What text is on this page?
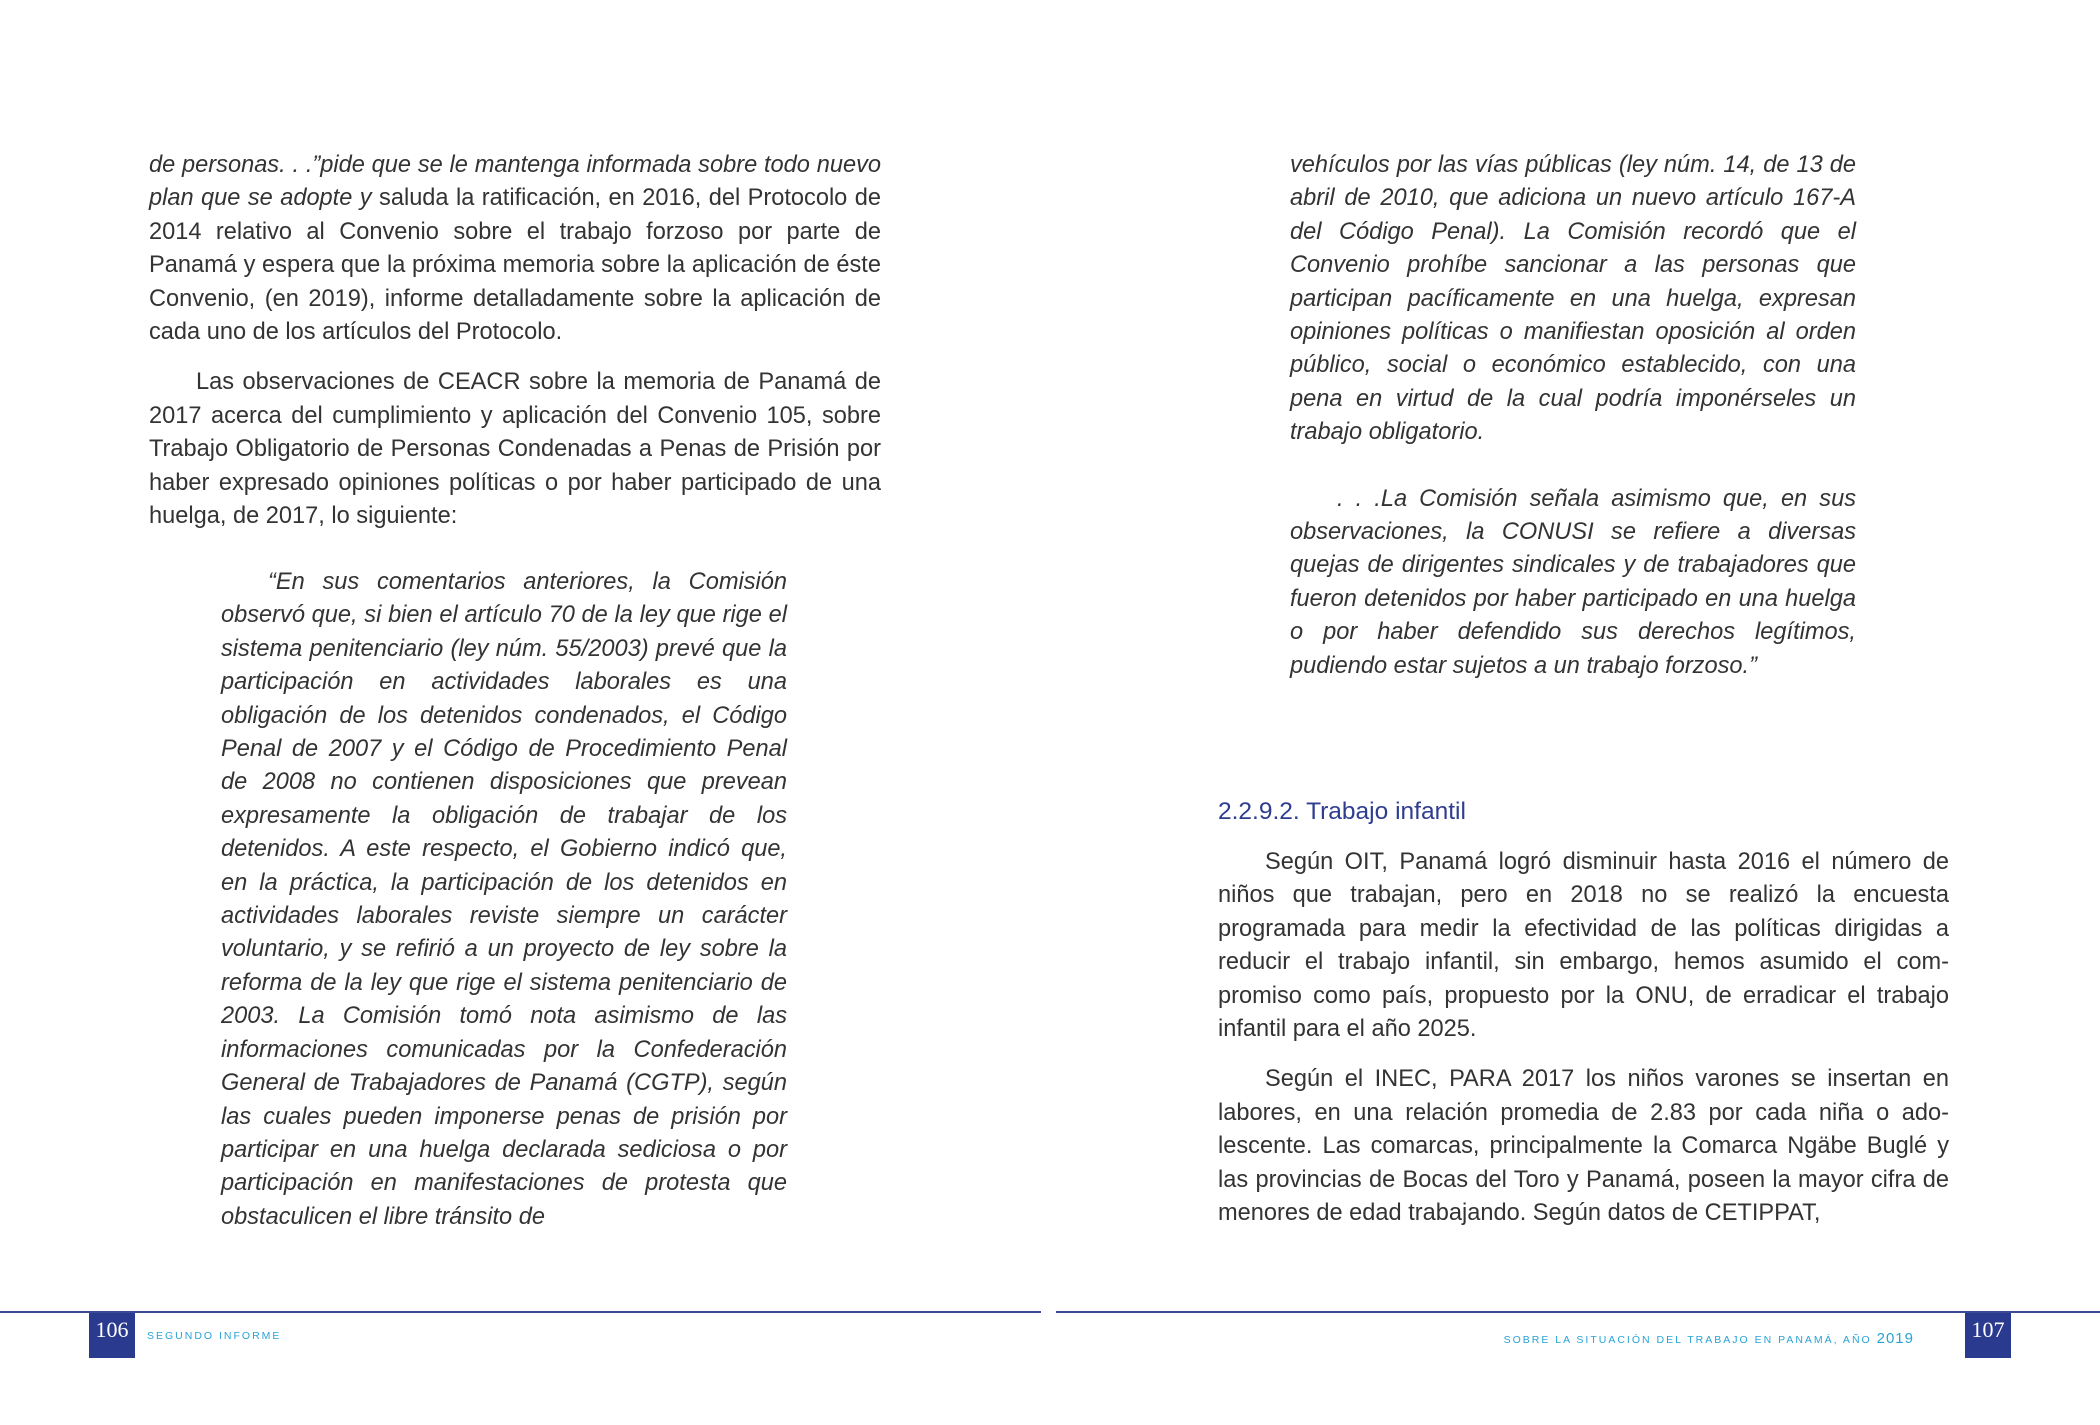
de personas. . .”pide que se le mantenga informada sobre todo nuevo plan que se adopte y saluda la ratificación, en 2016, del Protocolo de 2014 relativo al Convenio sobre el trabajo forzoso por parte de Panamá y espera que la próxima memoria sobre la aplicación de éste Convenio, (en 2019), informe detalladamente sobre la aplicación de cada uno de los artículos del Protocolo.

Las observaciones de CEACR sobre la memoria de Panamá de 2017 acerca del cumplimiento y aplicación del Convenio 105, sobre Trabajo Obligatorio de Personas Condenadas a Penas de Prisión por haber expresado opiniones políticas o por haber participado de una huelga, de 2017, lo siguiente:

“En sus comentarios anteriores, la Comisión observó que, si bien el artículo 70 de la ley que rige el sistema penitenciario (ley núm. 55/2003) prevé que la participación en actividades laborales es una obligación de los detenidos condenados, el Código Penal de 2007 y el Código de Procedimiento Penal de 2008 no contienen disposiciones que prevean expresamente la obligación de trabajar de los detenidos. A este respecto, el Gobierno indicó que, en la práctica, la participación de los detenidos en actividades laborales reviste siempre un carácter voluntario, y se refirió a un proyecto de ley sobre la reforma de la ley que rige el sistema penitenciario de 2003. La Comisión tomó nota asimismo de las informaciones comunicadas por la Confederación General de Trabajadores de Panamá (CGTP), según las cuales pueden imponerse penas de prisión por participar en una huelga declarada sediciosa o por participación en manifestaciones de protesta que obstaculicen el libre tránsito de

vehículos por las vías públicas (ley núm. 14, de 13 de abril de 2010, que adiciona un nuevo artículo 167-A del Código Penal). La Comisión recordó que el Convenio prohíbe sancionar a las personas que participan pacíficamente en una huelga, expresan opiniones políticas o manifiestan oposición al orden público, social o económico establecido, con una pena en virtud de la cual podría imponérseles un trabajo obligatorio.

. . .La Comisión señala asimismo que, en sus observaciones, la CONUSI se refiere a diversas quejas de dirigentes sindicales y de trabajadores que fueron detenidos por haber participado en una huelga o por haber defendido sus derechos legítimos, pudiendo estar sujetos a un trabajo forzoso.”

2.2.9.2. Trabajo infantil

Según OIT, Panamá logró disminuir hasta 2016 el número de niños que trabajan, pero en 2018 no se realizó la encuesta programada para medir la efectividad de las políticas dirigidas a reducir el trabajo infantil, sin embargo, hemos asumido el compromiso como país, propuesto por la ONU, de erradicar el trabajo infantil para el año 2025.

Según el INEC, PARA 2017 los niños varones se insertan en labores, en una relación promedia de 2.83 por cada niña o adolescente. Las comarcas, principalmente la Comarca Ngäbe Buglé y las provincias de Bocas del Toro y Panamá, poseen la mayor cifra de menores de edad trabajando. Según datos de CETIPPAT,

106	SEGUNDO INFORME	SOBRE LA SITUACIÓN DEL TRABAJO EN PANAMÁ, AÑO 2019	107
